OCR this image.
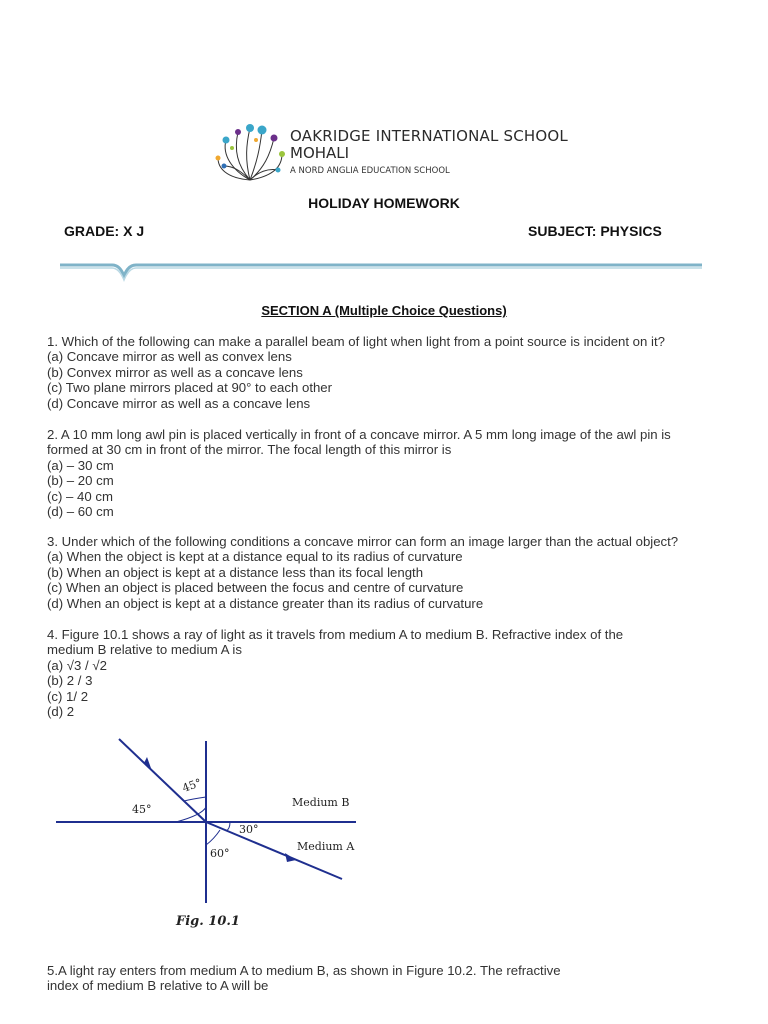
OAKRIDGE INTERNATIONAL SCHOOL
MOHALI
A NORD ANGLIA EDUCATION SCHOOL
HOLIDAY HOMEWORK
GRADE: X J	SUBJECT: PHYSICS
SECTION A (Multiple Choice Questions)
1. Which of the following can make a parallel beam of light when light from a point source is incident on it?
(a) Concave mirror as well as convex lens
(b) Convex mirror as well as a concave lens
(c) Two plane mirrors placed at 90° to each other
(d) Concave mirror as well as a concave lens
2. A 10 mm long awl pin is placed vertically in front of a concave mirror. A 5 mm long image of the awl pin is
formed at 30 cm in front of the mirror. The focal length of this mirror is
(a) – 30 cm
(b) – 20 cm
(c) – 40 cm
(d) – 60 cm
3. Under which of the following conditions a concave mirror can form an image larger than the actual object?
(a) When the object is kept at a distance equal to its radius of curvature
(b) When an object is kept at a distance less than its focal length
(c) When an object is placed between the focus and centre of curvature
(d) When an object is kept at a distance greater than its radius of curvature
4. Figure 10.1 shows a ray of light as it travels from medium A to medium B. Refractive index of the
medium B relative to medium A is
(a) √3 / √2
(b) 2 / 3
(c) 1/ 2
(d) 2
45°
45°
30°
60°
Medium B
Medium A
Fig. 10.1
5.A light ray enters from medium A to medium B, as shown in Figure 10.2. The refractive
index of medium B relative to A will be
